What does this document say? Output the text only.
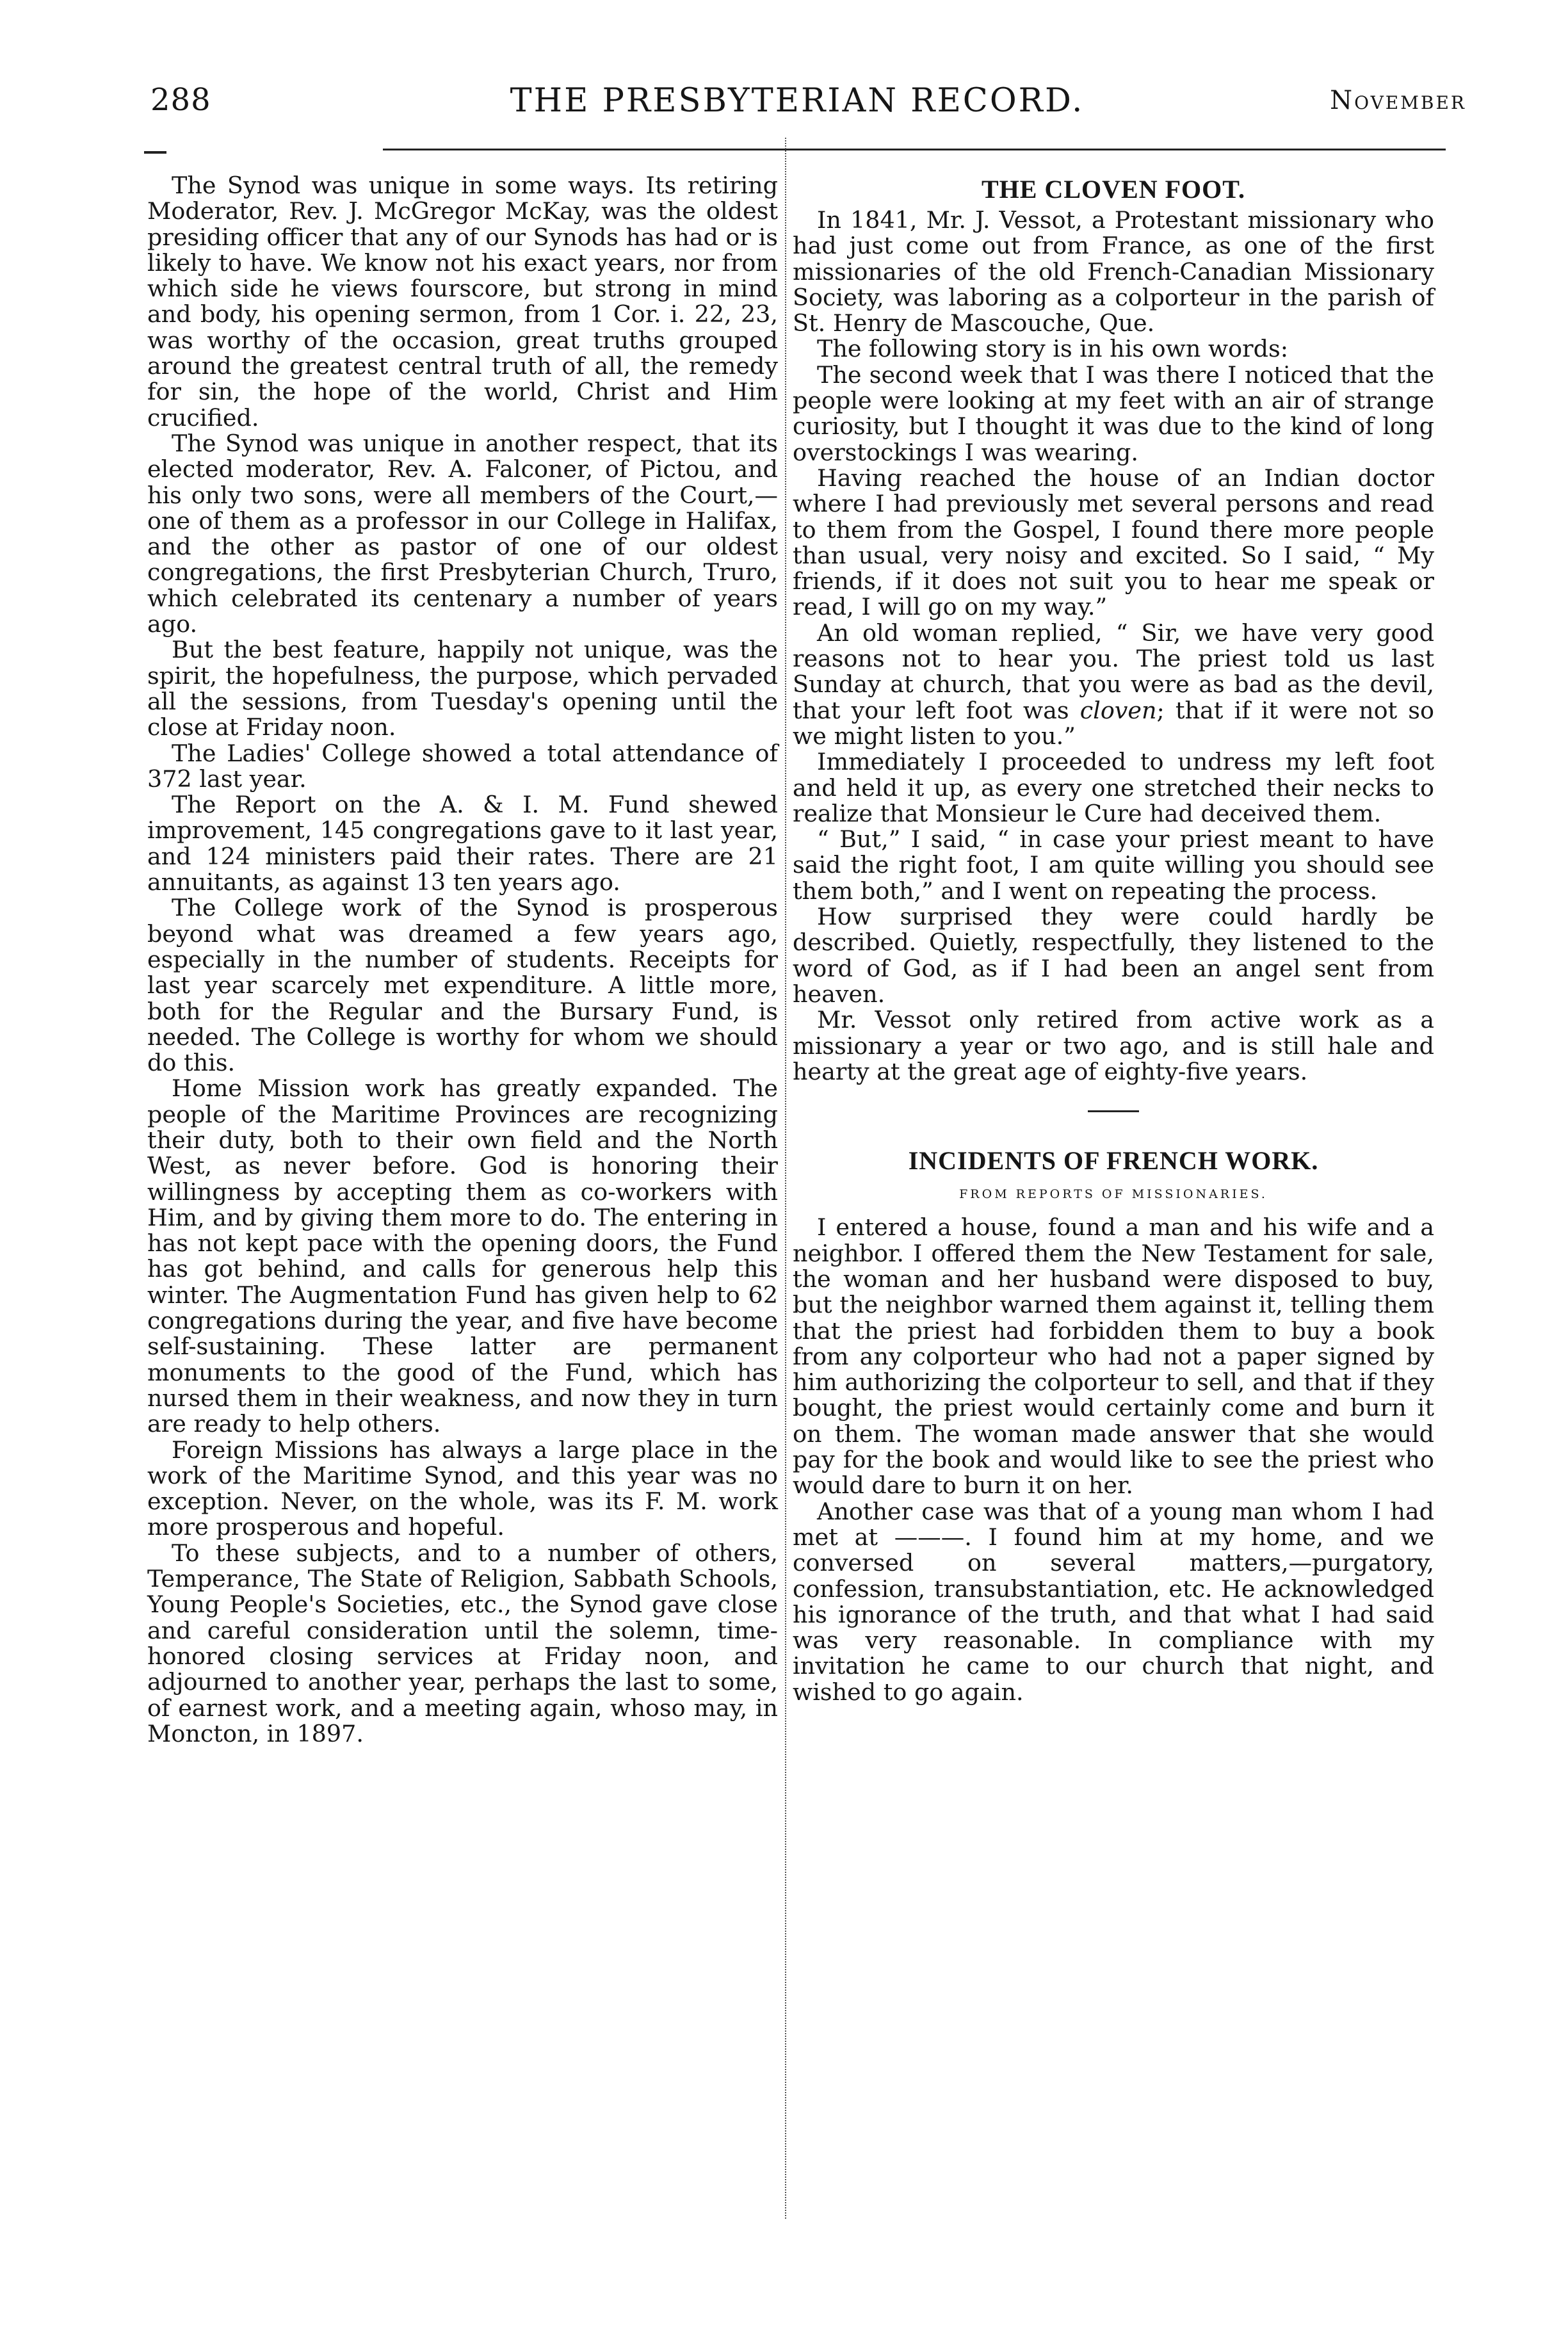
288	THE PRESBYTERIAN RECORD.	November

The Synod was unique in some ways. Its retiring Moderator, Rev. J. McGregor McKay, was the oldest presiding officer that any of our Synods has had or is likely to have. We know not his exact years, nor from which side he views fourscore, but strong in mind and body, his opening sermon, from 1 Cor. i. 22, 23, was worthy of the occasion, great truths grouped around the greatest central truth of all, the remedy for sin, the hope of the world, Christ and Him crucified.

The Synod was unique in another respect, that its elected moderator, Rev. A. Falconer, of Pictou, and his only two sons, were all members of the Court,—one of them as a professor in our College in Halifax, and the other as pastor of one of our oldest congregations, the first Presbyterian Church, Truro, which celebrated its centenary a number of years ago.

But the best feature, happily not unique, was the spirit, the hopefulness, the purpose, which pervaded all the sessions, from Tuesday's opening until the close at Friday noon.

The Ladies' College showed a total attendance of 372 last year.

The Report on the A. & I. M. Fund shewed improvement, 145 congregations gave to it last year, and 124 ministers paid their rates. There are 21 annuitants, as against 13 ten years ago.

The College work of the Synod is prosperous beyond what was dreamed a few years ago, especially in the number of students. Receipts for last year scarcely met expenditure. A little more, both for the Regular and the Bursary Fund, is needed. The College is worthy for whom we should do this.

Home Mission work has greatly expanded. The people of the Maritime Provinces are recognizing their duty, both to their own field and the North West, as never before. God is honoring their willingness by accepting them as co-workers with Him, and by giving them more to do. The entering in has not kept pace with the opening doors, the Fund has got behind, and calls for generous help this winter. The Augmentation Fund has given help to 62 congregations during the year, and five have become self-sustaining. These latter are permanent monuments to the good of the Fund, which has nursed them in their weakness, and now they in turn are ready to help others.

Foreign Missions has always a large place in the work of the Maritime Synod, and this year was no exception. Never, on the whole, was its F. M. work more prosperous and hopeful.

To these subjects, and to a number of others, Temperance, The State of Religion, Sabbath Schools, Young People's Societies, etc., the Synod gave close and careful consideration until the solemn, time-honored closing services at Friday noon, and adjourned to another year, perhaps the last to some, of earnest work, and a meeting again, whoso may, in Moncton, in 1897.

THE CLOVEN FOOT.

In 1841, Mr. J. Vessot, a Protestant missionary who had just come out from France, as one of the first missionaries of the old French-Canadian Missionary Society, was laboring as a colporteur in the parish of St. Henry de Mascouche, Que.

The following story is in his own words:

The second week that I was there I noticed that the people were looking at my feet with an air of strange curiosity, but I thought it was due to the kind of long overstockings I was wearing.

Having reached the house of an Indian doctor where I had previously met several persons and read to them from the Gospel, I found there more people than usual, very noisy and excited. So I said, “ My friends, if it does not suit you to hear me speak or read, I will go on my way.”

An old woman replied, “ Sir, we have very good reasons not to hear you. The priest told us last Sunday at church, that you were as bad as the devil, that your left foot was cloven; that if it were not so we might listen to you.”

Immediately I proceeded to undress my left foot and held it up, as every one stretched their necks to realize that Monsieur le Cure had deceived them.

“ But,” I said, “ in case your priest meant to have said the right foot, I am quite willing you should see them both,” and I went on repeating the process.

How surprised they were could hardly be described. Quietly, respectfully, they listened to the word of God, as if I had been an angel sent from heaven.

Mr. Vessot only retired from active work as a missionary a year or two ago, and is still hale and hearty at the great age of eighty-five years.

INCIDENTS OF FRENCH WORK.
FROM REPORTS OF MISSIONARIES.

I entered a house, found a man and his wife and a neighbor. I offered them the New Testament for sale, the woman and her husband were disposed to buy, but the neighbor warned them against it, telling them that the priest had forbidden them to buy a book from any colporteur who had not a paper signed by him authorizing the colporteur to sell, and that if they bought, the priest would certainly come and burn it on them. The woman made answer that she would pay for the book and would like to see the priest who would dare to burn it on her.

Another case was that of a young man whom I had met at ———. I found him at my home, and we conversed on several matters,—purgatory, confession, transubstantiation, etc. He acknowledged his ignorance of the truth, and that what I had said was very reasonable. In compliance with my invitation he came to our church that night, and wished to go again.
